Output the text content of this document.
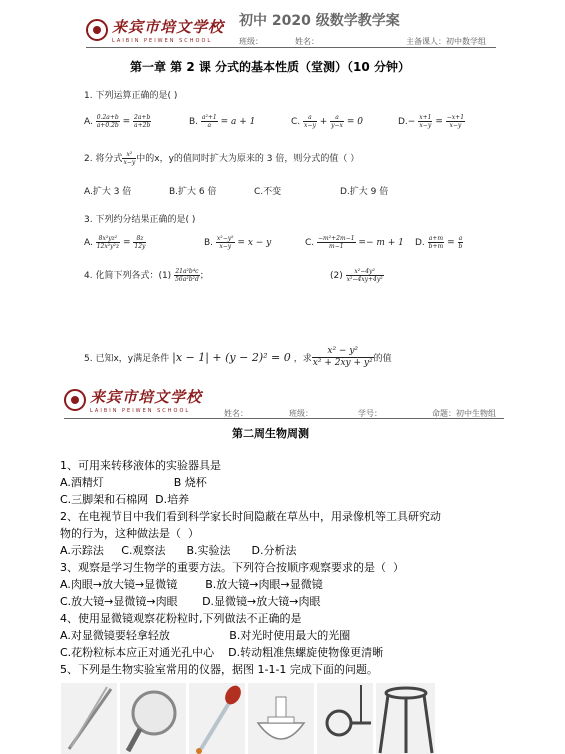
来宾市培文学校
LAIBIN PEIWEN SCHOOL
初中 2020 级数学教学案
班级：	姓名：	主备课人：初中数学组
第一章 第 2 课 分式的基本性质（堂测）（10 分钟）
1. 下列运算正确的是( )
A. $\frac{0.2a+b}{a+0.2b} = \frac{2a+b}{a+2b}$	B. $\frac{\text{a²+1}}{a} = a + 1$	C. $\frac{a}{x-y} + \frac{a}{y-x} = 0$	$D.- \frac{x+1}{x-y} = \frac{-x+1}{x-y}$
2. 将分式 $\frac{\text{x²}}{x-y}$ 中的x，y的值同时扩大为原来的 3 倍，则分式的值（ ）
A.扩大 3 倍	B.扩大 6 倍	C.不变	D.扩大 9 倍
3. 下列约分结果正确的是( )
A. $\frac{\text{8x²yz²}}{\text{12x²y²z}} = \frac{8z}{12y}$	B. $\frac{\text{x²−y²}}{x-y} = x - y$	C. $\frac{\text{−m²+2m−1}}{m-1} =- m + 1$ D. $\frac{a+m}{b+m} = \frac{a}{b}$
4. 化简下列各式：$(1) \frac{\text{21a²b⁴c}}{\text{56a²b²d}}$ ；	$(2) \frac{\text{x²−4y²}}{\text{x²−4xy+4y²}}$
5. 已知x，y满足条件 |x − 1| + (y − 2)² = 0 ，求 $\frac{\text{x² − y²}}{\text{x² + 2xy + y²}}$ 的值
来宾市培文学校
LAIBIN PEIWEN SCHOOL	姓名：	班级：	学号：	命题：初中生物组
第二周生物周测
1、可用来转移液体的实验器具是
A.酒精灯                    B 烧杯
C.三脚架和石棉网  D.培养
2、在电视节目中我们看到科学家长时间隐蔽在草丛中，用录像机等工具研究动
物的行为，这种做法是（  ）
A.示踪法     C.观察法      B.实验法      D.分析法
3、观察是学习生物学的重要方法。下列符合按顺序观察要求的是（  ）
A.肉眼→放大镜→显微镜        B.放大镜→肉眼→显微镜
C.放大镜→显微镜→肉眼       D.显微镜→放大镜→肉眼
4、使用显微镜观察花粉粒时,下列做法不正确的是
A.对显微镜要轻拿轻放                 B.对光时使用最大的光圈
C.花粉粒标本应正对通光孔中心    D.转动粗准焦螺旋使物像更清晰
5、下列是生物实验室常用的仪器，据图 1-1-1 完成下面的问题。
